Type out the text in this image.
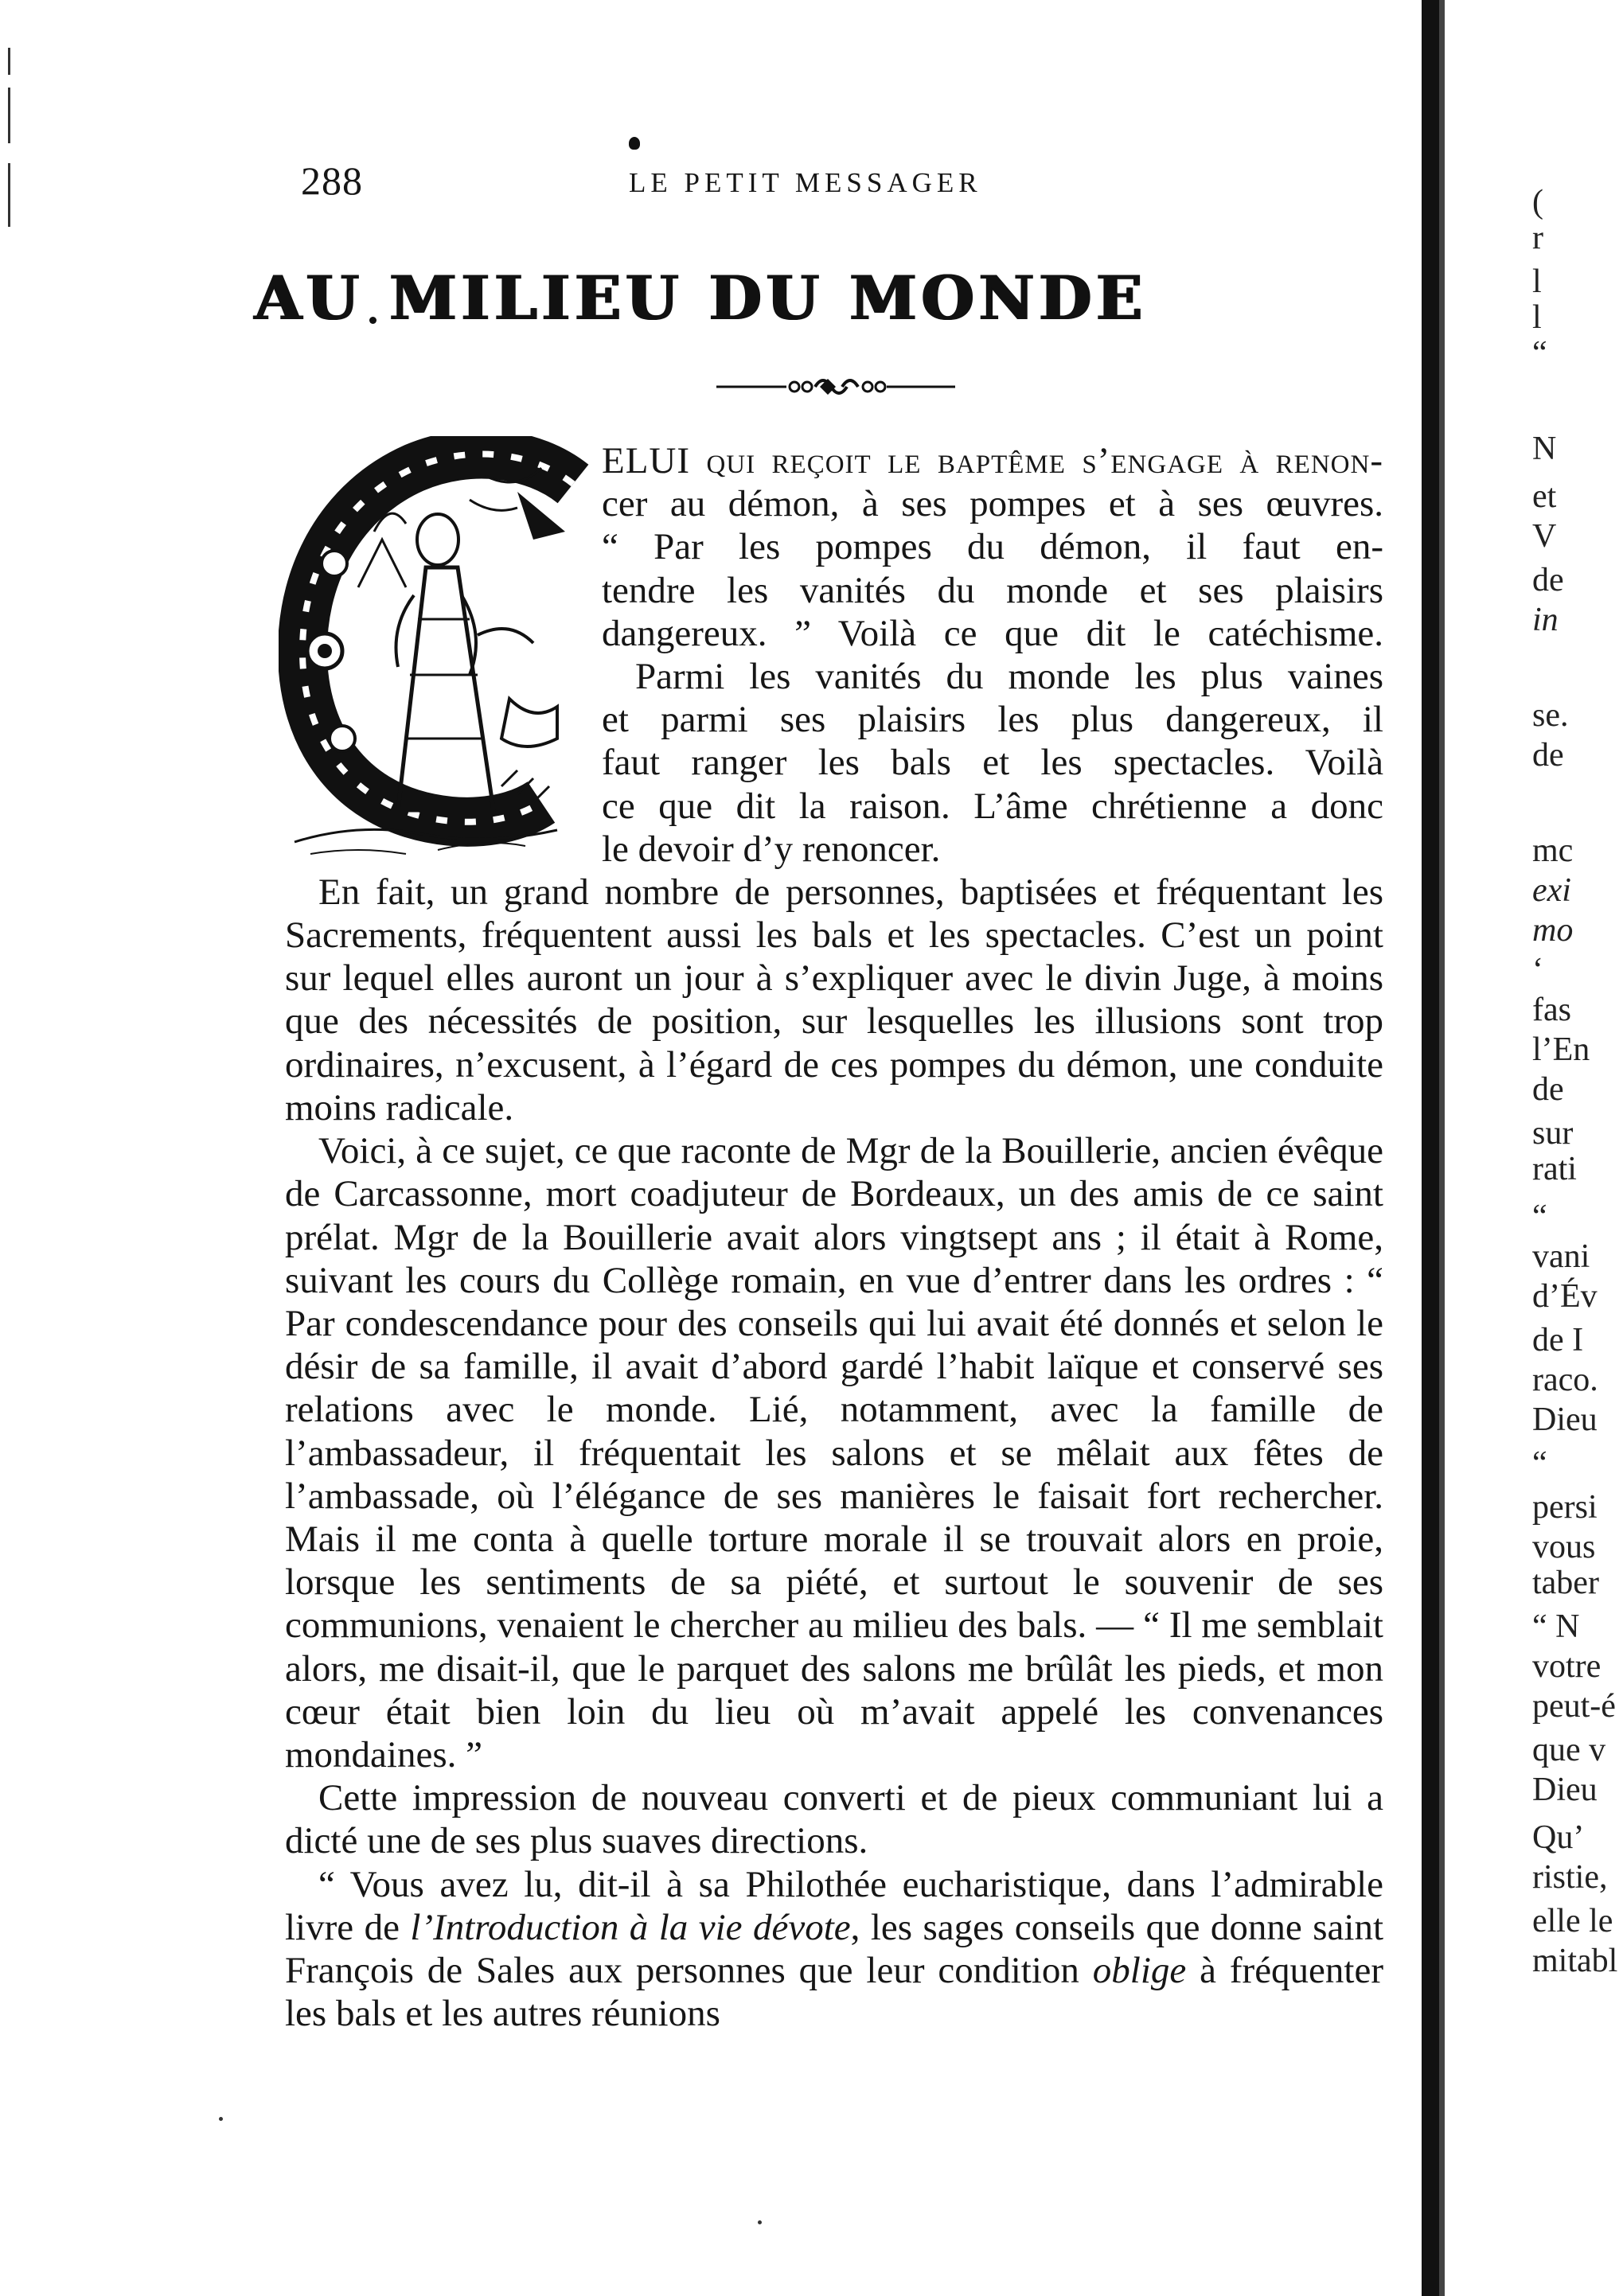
288	LE PETIT MESSAGER
AU MILIEU DU MONDE
ELUI qui reçoit le baptême s’engage à renon-
cer au démon, à ses pompes et à ses œuvres.
“ Par les pompes du démon, il faut en-
tendre les vanités du monde et ses plaisirs
dangereux. ” Voilà ce que dit le catéchisme.
Parmi les vanités du monde les plus vaines
et parmi ses plaisirs les plus dangereux, il
faut ranger les bals et les spectacles. Voilà
ce que dit la raison. L’âme chrétienne a donc
le devoir d’y renoncer.

En fait, un grand nombre de personnes, baptisées et fréquentant les Sacrements, fréquentent aussi les bals et les spectacles. C’est un point sur lequel elles auront un jour à s’expliquer avec le divin Juge, à moins que des nécessités de position, sur lesquelles les illusions sont trop ordinaires, n’excusent, à l’égard de ces pompes du démon, une conduite moins radicale.

Voici, à ce sujet, ce que raconte de Mgr de la Bouillerie, ancien évêque de Carcassonne, mort coadjuteur de Bordeaux, un des amis de ce saint prélat. Mgr de la Bouillerie avait alors vingtsept ans ; il était à Rome, suivant les cours du Collège romain, en vue d’entrer dans les ordres : “ Par condescendance pour des conseils qui lui avait été donnés et selon le désir de sa famille, il avait d’abord gardé l’habit laïque et conservé ses relations avec le monde. Lié, notamment, avec la famille de l’ambassadeur, il fréquentait les salons et se mêlait aux fêtes de l’ambassade, où l’élégance de ses manières le faisait fort rechercher. Mais il me conta à quelle torture morale il se trouvait alors en proie, lorsque les sentiments de sa piété, et surtout le souvenir de ses communions, venaient le chercher au milieu des bals. — “ Il me semblait alors, me disait-il, que le parquet des salons me brûlât les pieds, et mon cœur était bien loin du lieu où m’avait appelé les convenances mondaines. ”

Cette impression de nouveau converti et de pieux communiant lui a dicté une de ses plus suaves directions.

“ Vous avez lu, dit-il à sa Philothée eucharistique, dans l’admirable livre de l’Introduction à la vie dévote, les sages conseils que donne saint François de Sales aux personnes que leur condition oblige à fréquenter les bals et les autres réunions

(
r
l
l
“
N
et
V
de
in
se.
de
mc
exi
mo
‘
fas
l’En
de
sur
rati
“
vani
d’Év
de I
raco.
Dieu
“
persi
vous
taber
“ N
votre
peut-é
que v
Dieu
Qu’
ristie,
elle le
mitabl
